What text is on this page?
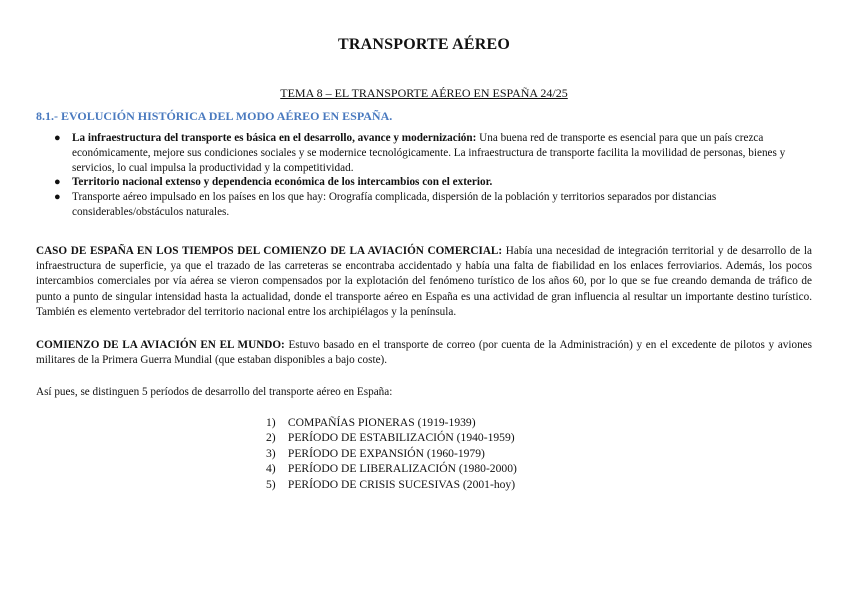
TRANSPORTE AÉREO
TEMA 8 – EL TRANSPORTE AÉREO EN ESPAÑA 24/25
8.1.- EVOLUCIÓN HISTÓRICA DEL MODO AÉREO EN ESPAÑA.
● La infraestructura del transporte es básica en el desarrollo, avance y modernización: Una buena red de transporte es esencial para que un país crezca económicamente, mejore sus condiciones sociales y se modernice tecnológicamente. La infraestructura de transporte facilita la movilidad de personas, bienes y servicios, lo cual impulsa la productividad y la competitividad.
● Territorio nacional extenso y dependencia económica de los intercambios con el exterior.
● Transporte aéreo impulsado en los países en los que hay: Orografía complicada, dispersión de la población y territorios separados por distancias considerables/obstáculos naturales.

CASO DE ESPAÑA EN LOS TIEMPOS DEL COMIENZO DE LA AVIACIÓN COMERCIAL: Había una necesidad de integración territorial y de desarrollo de la infraestructura de superficie, ya que el trazado de las carreteras se encontraba accidentado y había una falta de fiabilidad en los enlaces ferroviarios. Además, los pocos intercambios comerciales por vía aérea se vieron compensados por la explotación del fenómeno turístico de los años 60, por lo que se fue creando demanda de tráfico de punto a punto de singular intensidad hasta la actualidad, donde el transporte aéreo en España es una actividad de gran influencia al resultar un importante destino turístico. También es elemento vertebrador del territorio nacional entre los archipiélagos y la península.

COMIENZO DE LA AVIACIÓN EN EL MUNDO: Estuvo basado en el transporte de correo (por cuenta de la Administración) y en el excedente de pilotos y aviones militares de la Primera Guerra Mundial (que estaban disponibles a bajo coste).

Así pues, se distinguen 5 períodos de desarrollo del transporte aéreo en España:

1) COMPAÑÍAS PIONERAS (1919-1939)
2) PERÍODO DE ESTABILIZACIÓN (1940-1959)
3) PERÍODO DE EXPANSIÓN (1960-1979)
4) PERÍODO DE LIBERALIZACIÓN (1980-2000)
5) PERÍODO DE CRISIS SUCESIVAS (2001-hoy)
